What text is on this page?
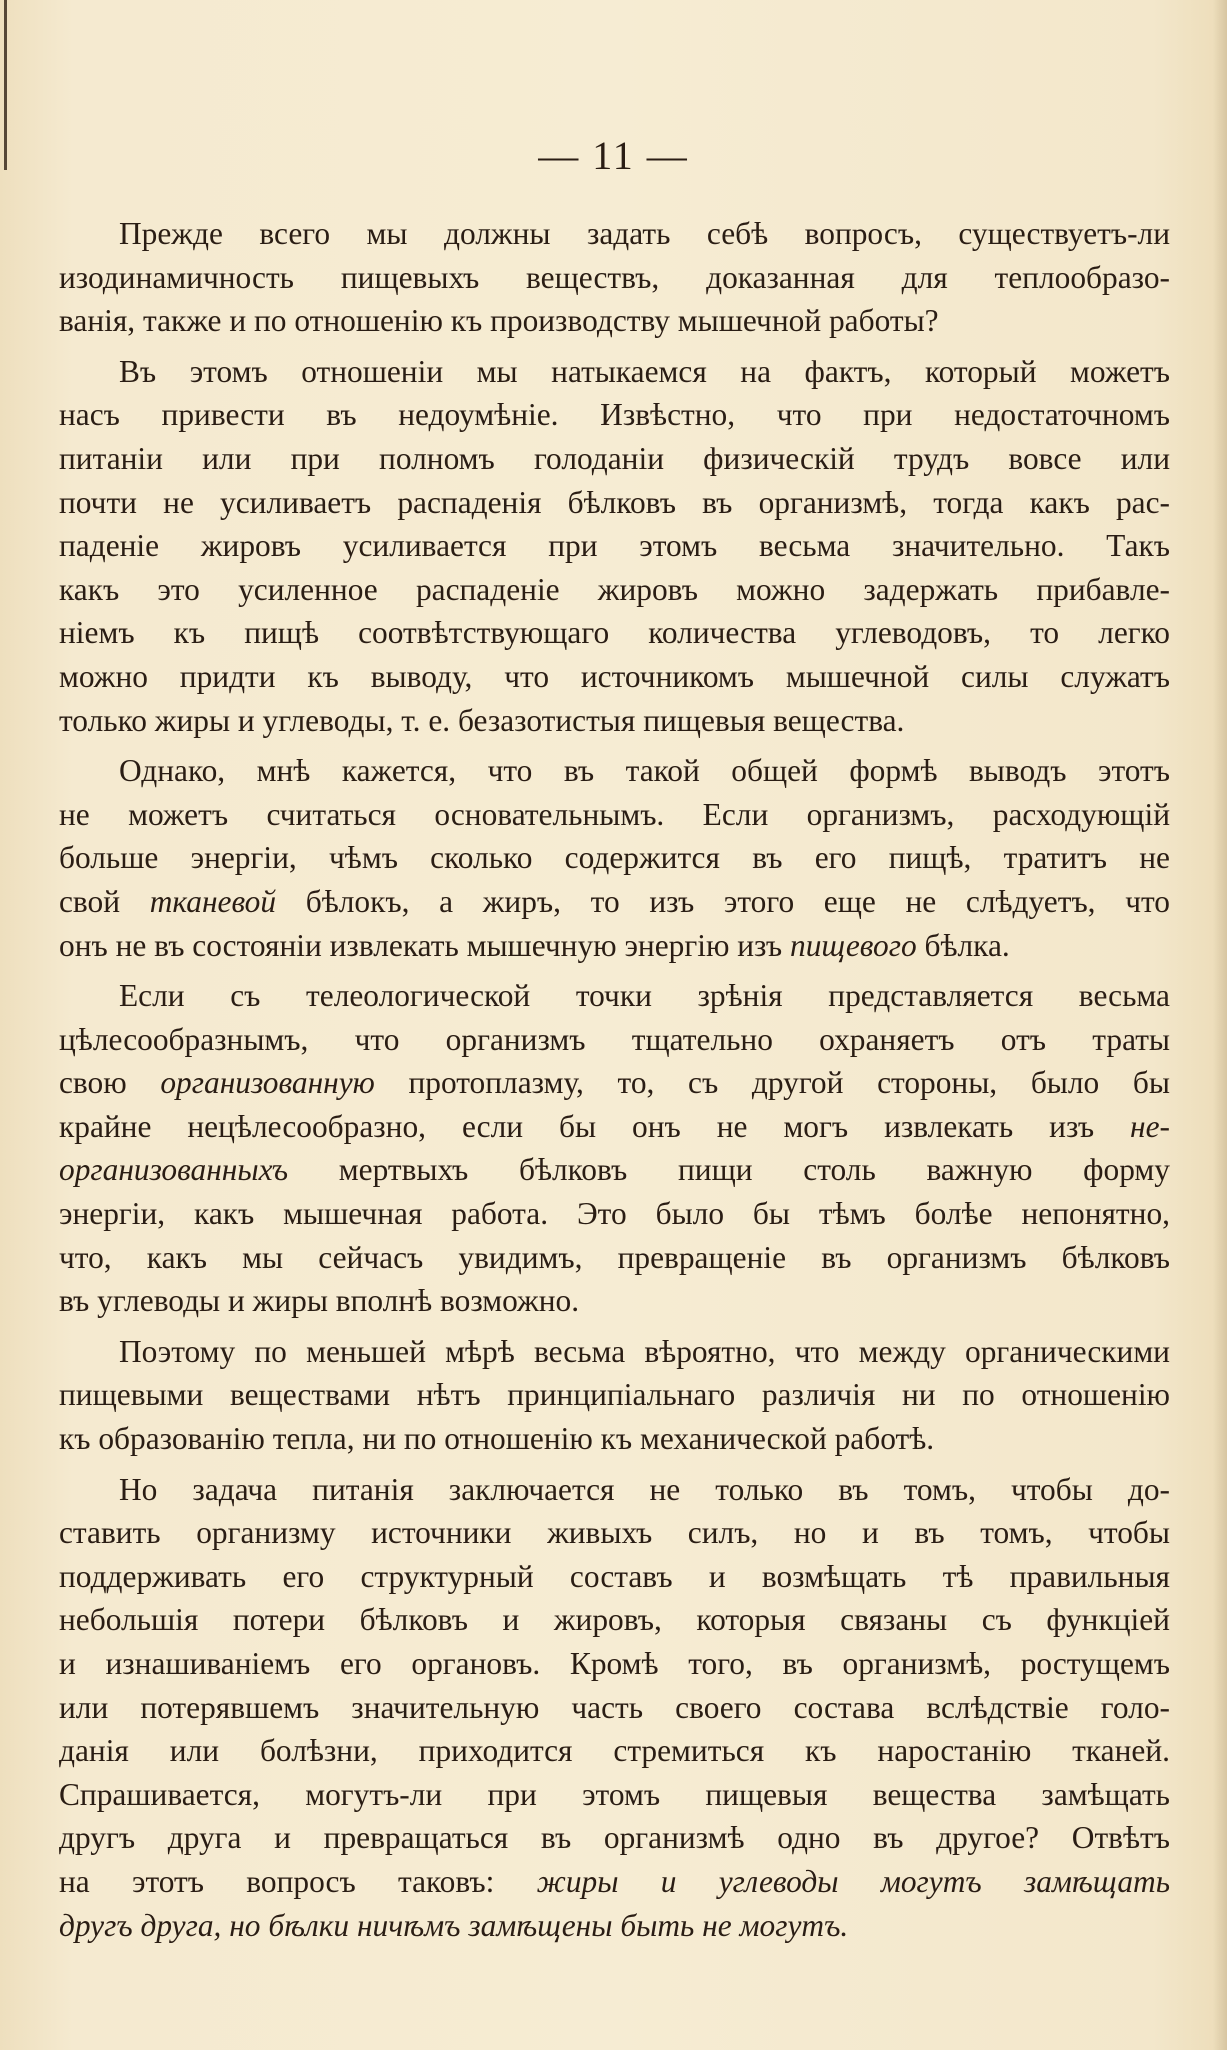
— 11 —
Прежде всего мы должны задать себѣ вопросъ, существуетъ-ли
изодинамичность пищевыхъ веществъ, доказанная для теплообразо-
ванія, также и по отношенію къ производству мышечной работы?
Въ этомъ отношеніи мы натыкаемся на фактъ, который можетъ
насъ привести въ недоумѣніе. Извѣстно, что при недостаточномъ
питаніи или при полномъ голоданіи физическій трудъ вовсе или
почти не усиливаетъ распаденія бѣлковъ въ организмѣ, тогда какъ рас-
паденіе жировъ усиливается при этомъ весьма значительно. Такъ
какъ это усиленное распаденіе жировъ можно задержать прибавле-
ніемъ къ пищѣ соотвѣтствующаго количества углеводовъ, то легко
можно придти къ выводу, что источникомъ мышечной силы служатъ
только жиры и углеводы, т. е. безазотистыя пищевыя вещества.
Однако, мнѣ кажется, что въ такой общей формѣ выводъ этотъ
не можетъ считаться основательнымъ. Если организмъ, расходующій
больше энергіи, чѣмъ сколько содержится въ его пищѣ, тратитъ не
свой тканевой бѣлокъ, а жиръ, то изъ этого еще не слѣдуетъ, что
онъ не въ состояніи извлекать мышечную энергію изъ пищевого бѣлка.
Если съ телеологической точки зрѣнія представляется весьма
цѣлесообразнымъ, что организмъ тщательно охраняетъ отъ траты
свою организованную протоплазму, то, съ другой стороны, было бы
крайне нецѣлесообразно, если бы онъ не могъ извлекать изъ не-
организованныхъ мертвыхъ бѣлковъ пищи столь важную форму
энергіи, какъ мышечная работа. Это было бы тѣмъ болѣе непонятно,
что, какъ мы сейчасъ увидимъ, превращеніе въ организмъ бѣлковъ
въ углеводы и жиры вполнѣ возможно.
Поэтому по меньшей мѣрѣ весьма вѣроятно, что между органическими
пищевыми веществами нѣтъ принципіальнаго различія ни по отношенію
къ образованію тепла, ни по отношенію къ механической работѣ.
Но задача питанія заключается не только въ томъ, чтобы до-
ставить организму источники живыхъ силъ, но и въ томъ, чтобы
поддерживать его структурный составъ и возмѣщать тѣ правильныя
небольшія потери бѣлковъ и жировъ, которыя связаны съ функціей
и изнашиваніемъ его органовъ. Кромѣ того, въ организмѣ, ростущемъ
или потерявшемъ значительную часть своего состава вслѣдствіе голо-
данія или болѣзни, приходится стремиться къ наростанію тканей.
Спрашивается, могутъ-ли при этомъ пищевыя вещества замѣщать
другъ друга и превращаться въ организмѣ одно въ другое? Отвѣтъ
на этотъ вопросъ таковъ: жиры и углеводы могутъ замѣщать
другъ друга, но бѣлки ничѣмъ замѣщены быть не могутъ.
